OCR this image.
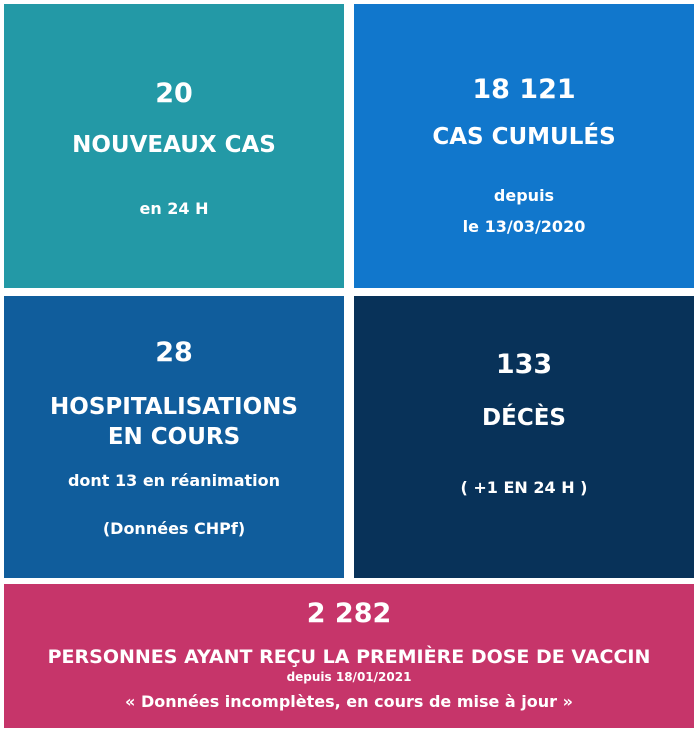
20
NOUVEAUX CAS
en 24 H
18 121
CAS CUMULÉS
depuis
le 13/03/2020
28
HOSPITALISATIONS
EN COURS
dont 13 en réanimation
(Données CHPf)
133
DÉCÈS
( +1 EN 24 H )
2 282
PERSONNES AYANT REÇU LA PREMIÈRE DOSE DE VACCIN
depuis 18/01/2021
« Données incomplètes, en cours de mise à jour »
